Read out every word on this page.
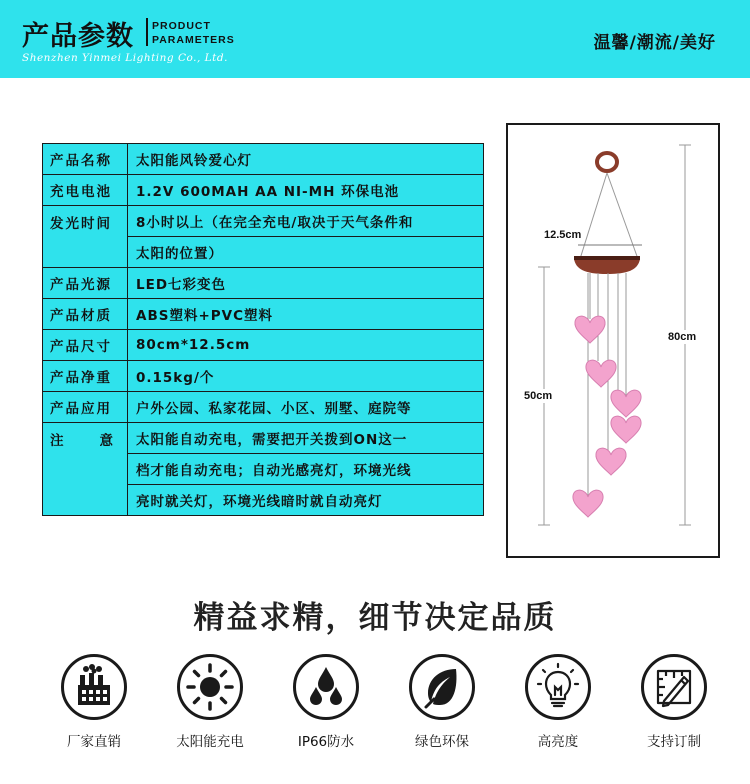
产品参数 PRODUCT
PARAMETERS
Shenzhen Yinmei Lighting Co., Ltd.
温馨/潮流/美好
产品名称	太阳能风铃爱心灯
充电电池	1.2V 600MAH AA NI-MH 环保电池
发光时间	8小时以上（在完全充电/取决于天气条件和
	太阳的位置）
产品光源	LED七彩变色
产品材质	ABS塑料+PVC塑料
产品尺寸	80cm*12.5cm
产品净重	0.15kg/个
产品应用	户外公园、私家花园、小区、别墅、庭院等

注 意	太阳能自动充电，需要把开关拨到ON这一
	档才能自动充电；自动光感亮灯，环境光线
	亮时就关灯，环境光线暗时就自动亮灯
12.5cm
80cm
50cm
精益求精，细节决定品质
厂家直销	太阳能充电	IP66防水	绿色环保	高亮度	支持订制
